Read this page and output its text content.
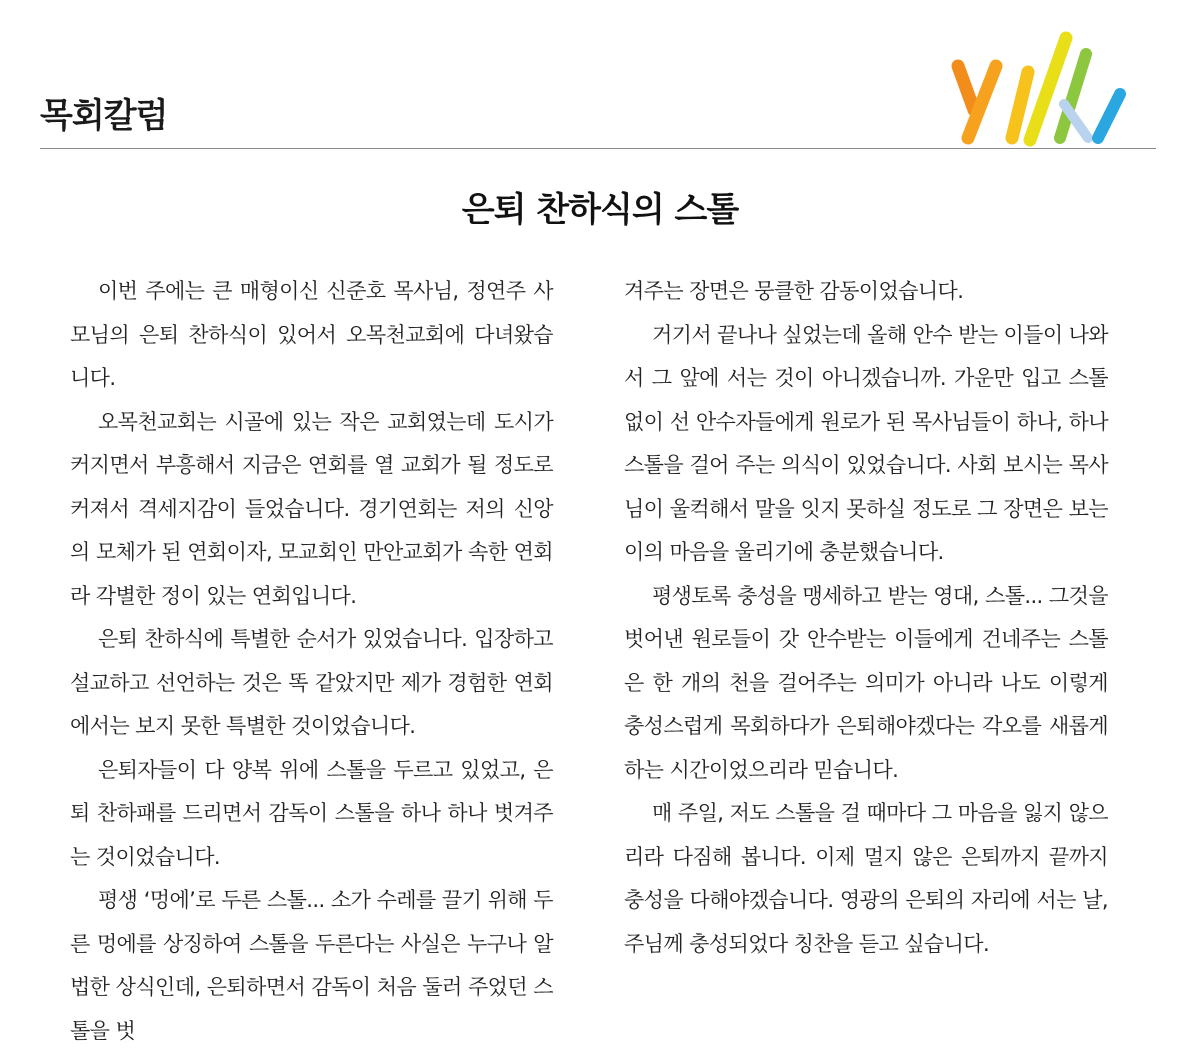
목회칼럼
은퇴 찬하식의 스톨

이번 주에는 큰 매형이신 신준호 목사님, 정연주 사모님의 은퇴 찬하식이 있어서 오목천교회에 다녀왔습니다.

오목천교회는 시골에 있는 작은 교회였는데 도시가 커지면서 부흥해서 지금은 연회를 열 교회가 될 정도로 커져서 격세지감이 들었습니다. 경기연회는 저의 신앙의 모체가 된 연회이자, 모교회인 만안교회가 속한 연회라 각별한 정이 있는 연회입니다.

은퇴 찬하식에 특별한 순서가 있었습니다. 입장하고 설교하고 선언하는 것은 똑 같았지만 제가 경험한 연회에서는 보지 못한 특별한 것이었습니다.

은퇴자들이 다 양복 위에 스톨을 두르고 있었고, 은퇴 찬하패를 드리면서 감독이 스톨을 하나 하나 벗겨주는 것이었습니다.

평생 ‘멍에’로 두른 스톨... 소가 수레를 끌기 위해 두른 멍에를 상징하여 스톨을 두른다는 사실은 누구나 알 법한 상식인데, 은퇴하면서 감독이 처음 둘러 주었던 스톨을 벗

겨주는 장면은 뭉클한 감동이었습니다.

거기서 끝나나 싶었는데 올해 안수 받는 이들이 나와서 그 앞에 서는 것이 아니겠습니까. 가운만 입고 스톨 없이 선 안수자들에게 원로가 된 목사님들이 하나, 하나 스톨을 걸어 주는 의식이 있었습니다. 사회 보시는 목사님이 울컥해서 말을 잇지 못하실 정도로 그 장면은 보는 이의 마음을 울리기에 충분했습니다.

평생토록 충성을 맹세하고 받는 영대, 스톨... 그것을 벗어낸 원로들이 갓 안수받는 이들에게 건네주는 스톨은 한 개의 천을 걸어주는 의미가 아니라 나도 이렇게 충성스럽게 목회하다가 은퇴해야겠다는 각오를 새롭게 하는 시간이었으리라 믿습니다.

매 주일, 저도 스톨을 걸 때마다 그 마음을 잃지 않으리라 다짐해 봅니다. 이제 멀지 않은 은퇴까지 끝까지 충성을 다해야겠습니다. 영광의 은퇴의 자리에 서는 날, 주님께 충성되었다 칭찬을 듣고 싶습니다.
